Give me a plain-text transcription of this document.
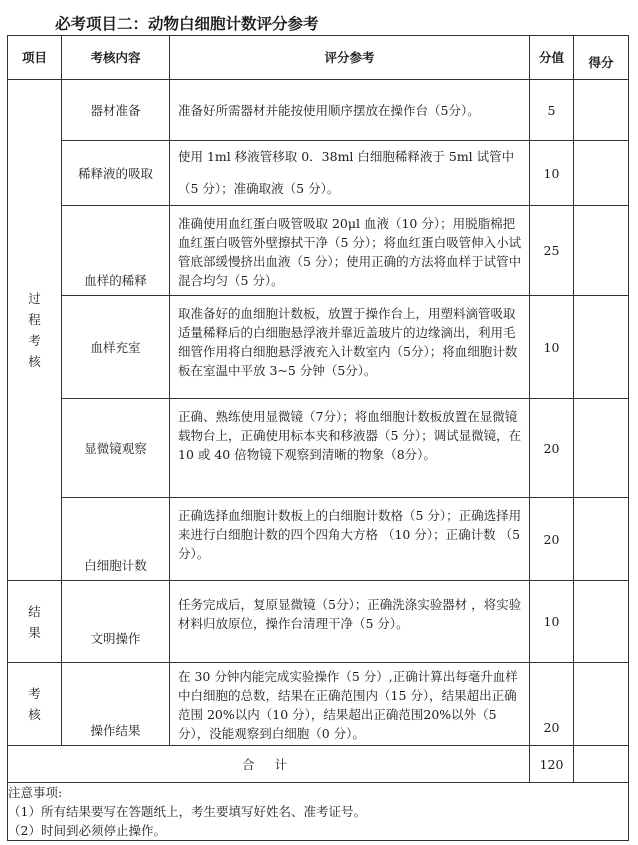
必考项目二：动物白细胞计数评分参考
项目	考核内容	评分参考	分值	得分

过程考核	器材准备	准备好所需器材并能按使用顺序摆放在操作台（5分）。	5	
	稀释液的吸取	使用 1ml 移液管移取 0．38ml 白细胞稀释液于 5ml 试管中（5 分）；准确取液（5 分）。	10	
	血样的稀释	准确使用血红蛋白吸管吸取 20μl 血液（10 分）；用脱脂棉把血红蛋白吸管外壁擦拭干净（5 分）；将血红蛋白吸管伸入小试管底部缓慢挤出血液（5 分）；使用正确的方法将血样于试管中混合均匀（5 分）。	25	
	血样充室	取准备好的血细胞计数板，放置于操作台上，用塑料滴管吸取适量稀释后的白细胞悬浮液并靠近盖玻片的边缘滴出，利用毛细管作用将白细胞悬浮液充入计数室内（5分）；将血细胞计数板在室温中平放 3~5 分钟（5分）。	10	
	显微镜观察	正确、熟练使用显微镜（7分）；将血细胞计数板放置在显微镜载物台上，正确使用标本夹和移液器（5 分）；调试显微镜，在 10 或 40 倍物镜下观察到清晰的物象（8分）。	20	
	白细胞计数	正确选择血细胞计数板上的白细胞计数格（5 分）；正确选择用来进行白细胞计数的四个四角大方格 （10 分）；正确计数 （5 分）。	20	

结果	文明操作	任务完成后，复原显微镜（5分）；正确洗涤实验器材 ，将实验材料归放原位，操作台清理干净（5 分）。	10	

考核	操作结果	在 30 分钟内能完成实验操作（5 分）,正确计算出每毫升血样中白细胞的总数，结果在正确范围内（15 分），结果超出正确范围 20%以内（10 分），结果超出正确范围20%以外（5 分），没能观察到白细胞（0 分）。	20	
合 计			120	

注意事项:
（1）所有结果要写在答题纸上，考生要填写好姓名、准考证号。
（2）时间到必须停止操作。				
